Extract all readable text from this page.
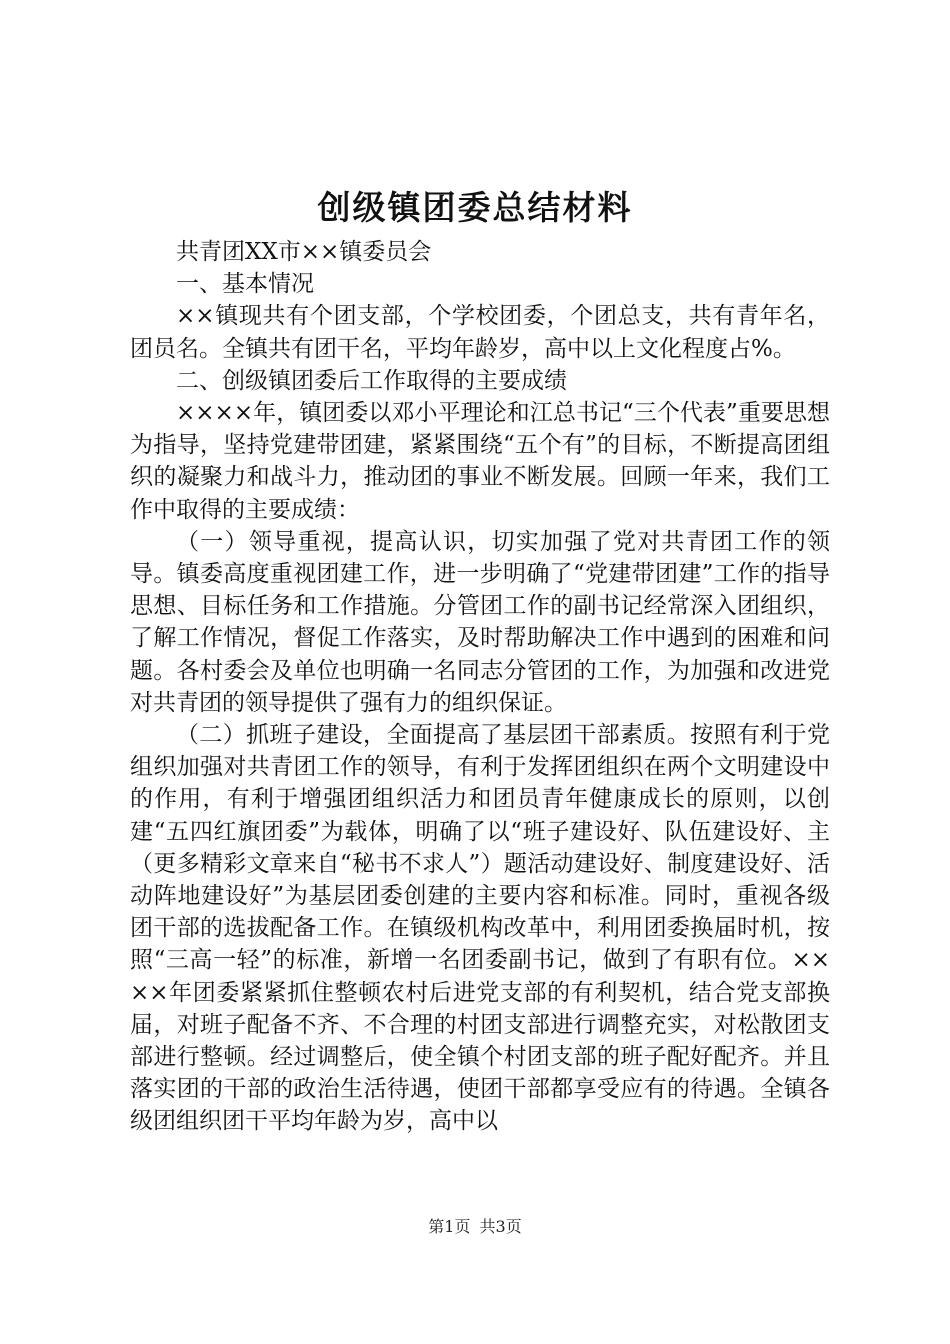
创级镇团委总结材料

共青团XX市××镇委员会

一、基本情况

××镇现共有个团支部，个学校团委，个团总支，共有青年名，团员名。全镇共有团干名，平均年龄岁，高中以上文化程度占%。

二、创级镇团委后工作取得的主要成绩

××××年，镇团委以邓小平理论和江总书记“三个代表”重要思想为指导，坚持党建带团建，紧紧围绕“五个有”的目标，不断提高团组织的凝聚力和战斗力，推动团的事业不断发展。回顾一年来，我们工作中取得的主要成绩：

（一）领导重视，提高认识，切实加强了党对共青团工作的领导。镇委高度重视团建工作，进一步明确了“党建带团建”工作的指导思想、目标任务和工作措施。分管团工作的副书记经常深入团组织，了解工作情况，督促工作落实，及时帮助解决工作中遇到的困难和问题。各村委会及单位也明确一名同志分管团的工作，为加强和改进党对共青团的领导提供了强有力的组织保证。

（二）抓班子建设，全面提高了基层团干部素质。按照有利于党组织加强对共青团工作的领导，有利于发挥团组织在两个文明建设中的作用，有利于增强团组织活力和团员青年健康成长的原则，以创建“五四红旗团委”为载体，明确了以“班子建设好、队伍建设好、主（更多精彩文章来自“秘书不求人”）题活动建设好、制度建设好、活动阵地建设好”为基层团委创建的主要内容和标准。同时，重视各级团干部的选拔配备工作。在镇级机构改革中，利用团委换届时机，按照“三高一轻”的标准，新增一名团委副书记，做到了有职有位。××××年团委紧紧抓住整顿农村后进党支部的有利契机，结合党支部换届，对班子配备不齐、不合理的村团支部进行调整充实，对松散团支部进行整顿。经过调整后，使全镇个村团支部的班子配好配齐。并且落实团的干部的政治生活待遇，使团干部都享受应有的待遇。全镇各级团组织团干平均年龄为岁，高中以

第1页 共3页
